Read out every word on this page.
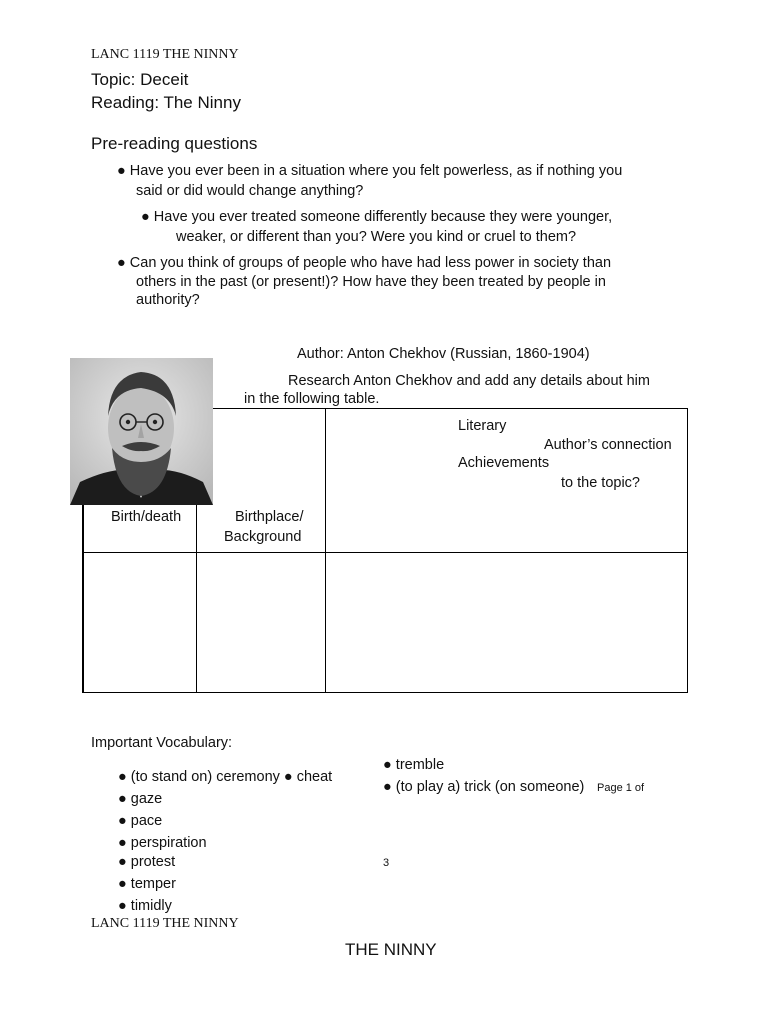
LANC 1119 THE NINNY
Topic: Deceit
Reading: The Ninny
Pre-reading questions
● Have you ever been in a situation where you felt powerless, as if nothing you
said or did would change anything?
● Have you ever treated someone differently because they were younger,
weaker, or different than you? Were you kind or cruel to them?
● Can you think of groups of people who have had less power in society than
others in the past (or present!)? How have they been treated by people in
authority?
Author: Anton Chekhov (Russian, 1860-1904)
Research Anton Chekhov and add any details about him
in the following table.
Birth/death	Birthplace/
Background
Literary
Author’s connection
Achievements
to the topic?
Important Vocabulary:
● (to stand on) ceremony ● cheat
● gaze
● pace
● perspiration
● protest
● temper
● timidly
● tremble
● (to play a) trick (on someone) Page 1 of
3
LANC 1119 THE NINNY
THE NINNY
